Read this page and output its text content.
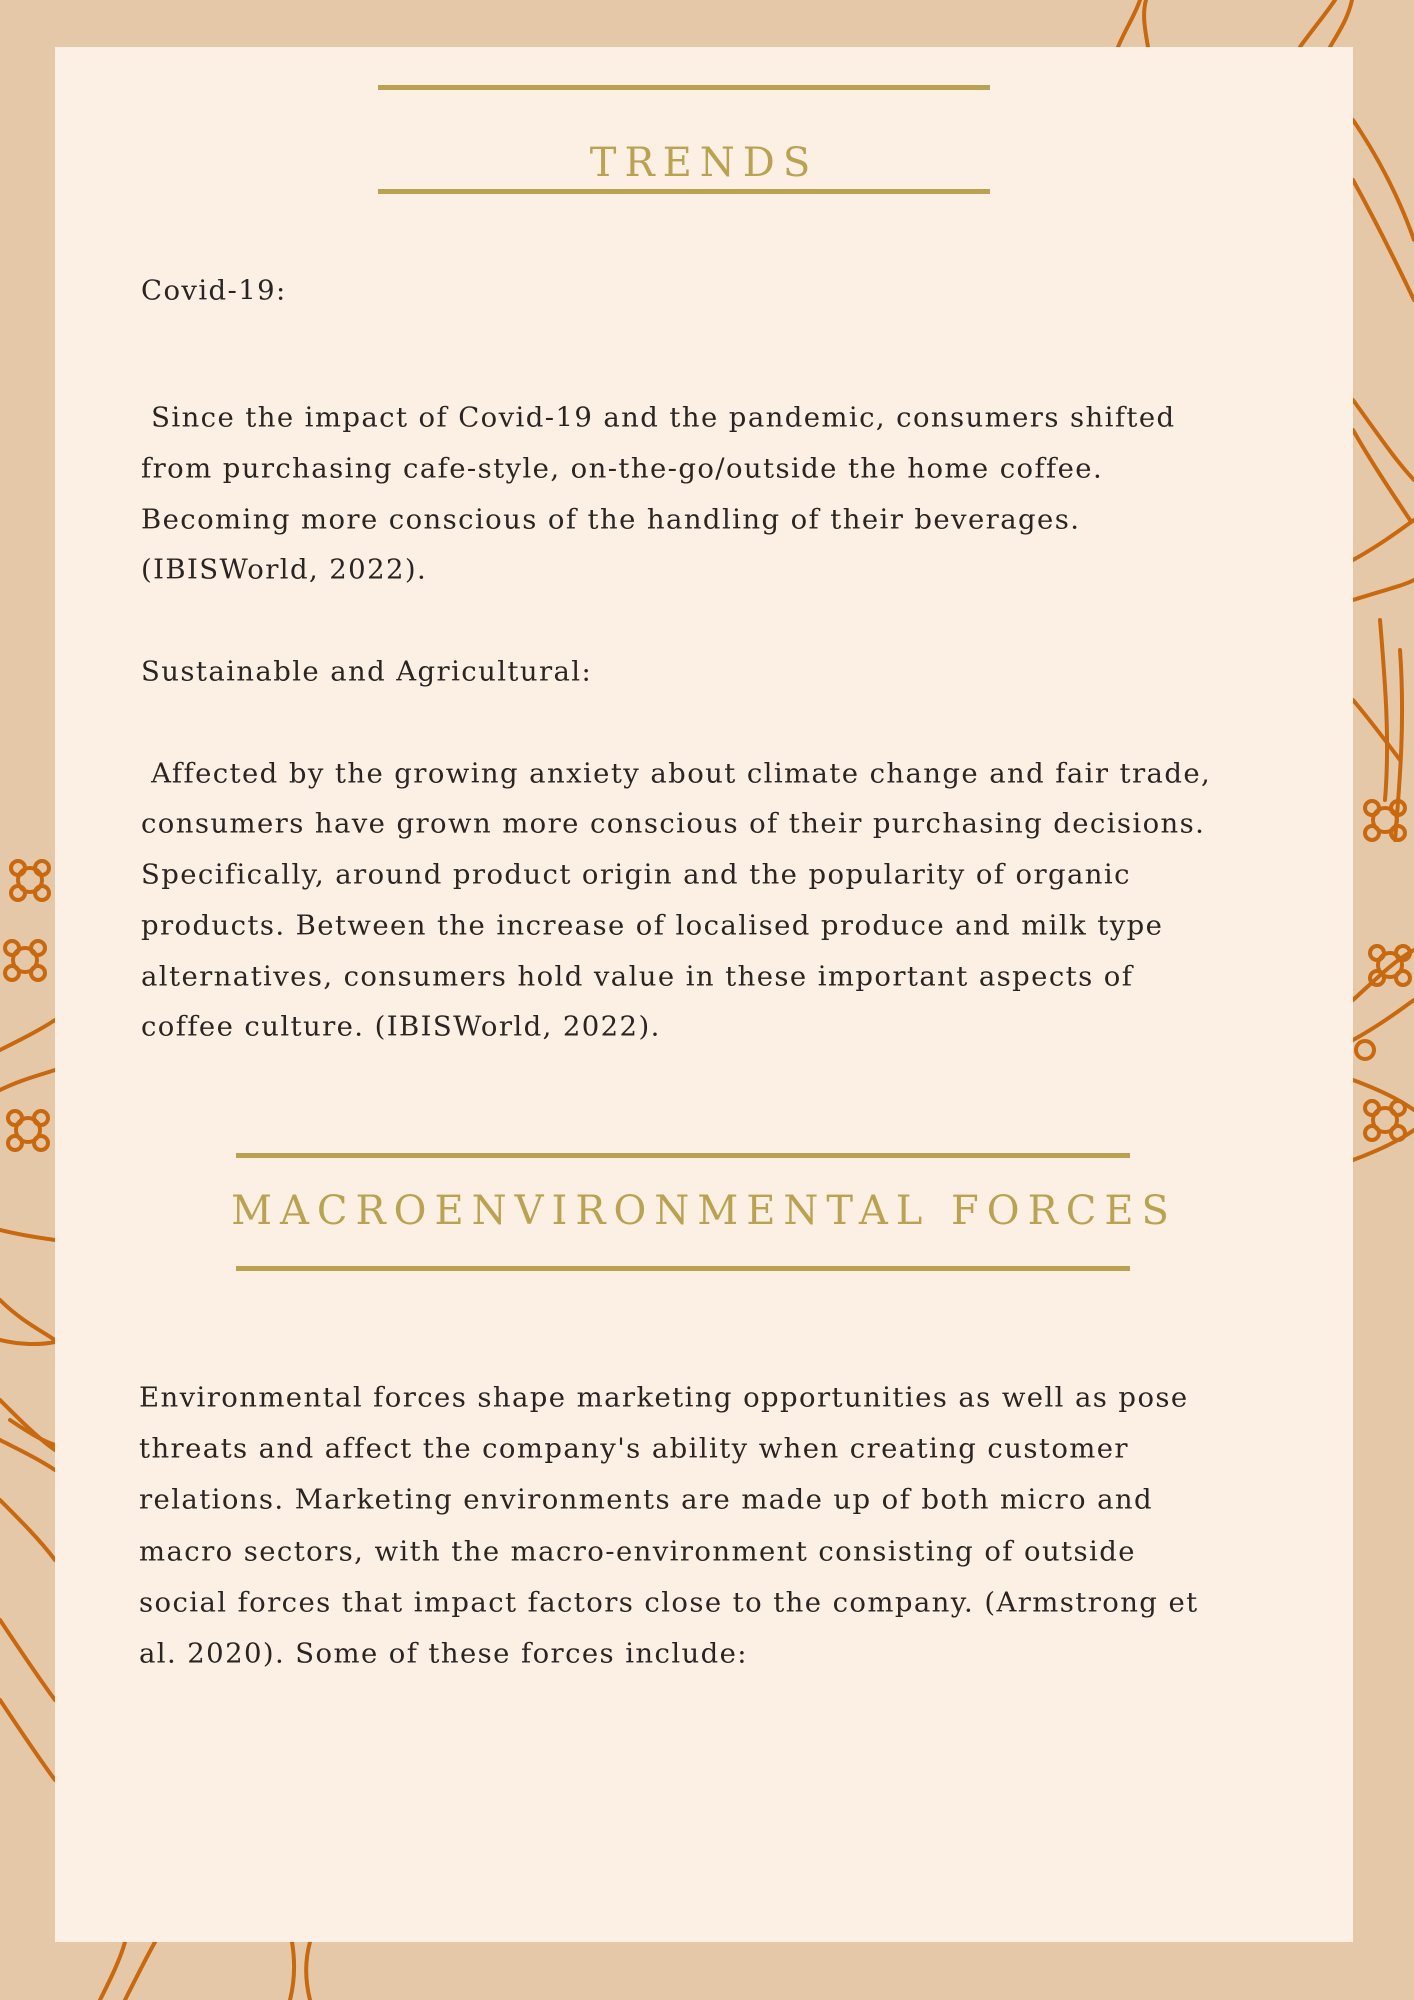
TRENDS

Covid-19:

Since the impact of Covid-19 and the pandemic, consumers shifted

from purchasing cafe-style, on-the-go/outside the home coffee.

Becoming more conscious of the handling of their beverages.

(IBISWorld, 2022).

Sustainable and Agricultural:

Affected by the growing anxiety about climate change and fair trade,

consumers have grown more conscious of their purchasing decisions.

Specifically, around product origin and the popularity of organic

products. Between the increase of localised produce and milk type

alternatives, consumers hold value in these important aspects of

coffee culture. (IBISWorld, 2022).

MACROENVIRONMENTAL FORCES

Environmental forces shape marketing opportunities as well as pose

threats and affect the company's ability when creating customer

relations. Marketing environments are made up of both micro and

macro sectors, with the macro-environment consisting of outside

social forces that impact factors close to the company. (Armstrong et

al. 2020). Some of these forces include:
